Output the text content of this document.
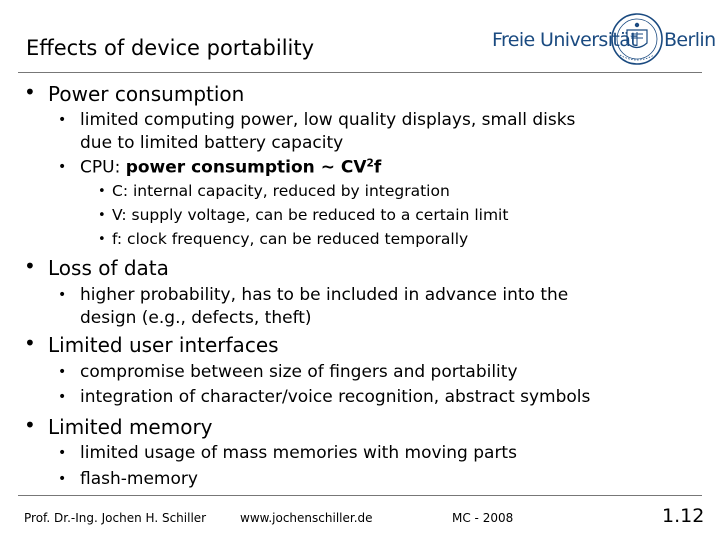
Effects of device portability	Freie Universität Berlin
• Power consumption
• limited computing power, low quality displays, small disks
due to limited battery capacity
• CPU: power consumption ~ $CV^2f$
• C: internal capacity, reduced by integration
• V: supply voltage, can be reduced to a certain limit
• f: clock frequency, can be reduced temporally
• Loss of data
• higher probability, has to be included in advance into the
design (e.g., defects, theft)
• Limited user interfaces
• compromise between size of fingers and portability
• integration of character/voice recognition, abstract symbols
• Limited memory
• limited usage of mass memories with moving parts
• flash-memory
Prof. Dr.-Ing. Jochen H. Schiller	www.jochenschiller.de	MC - 2008	1.12
